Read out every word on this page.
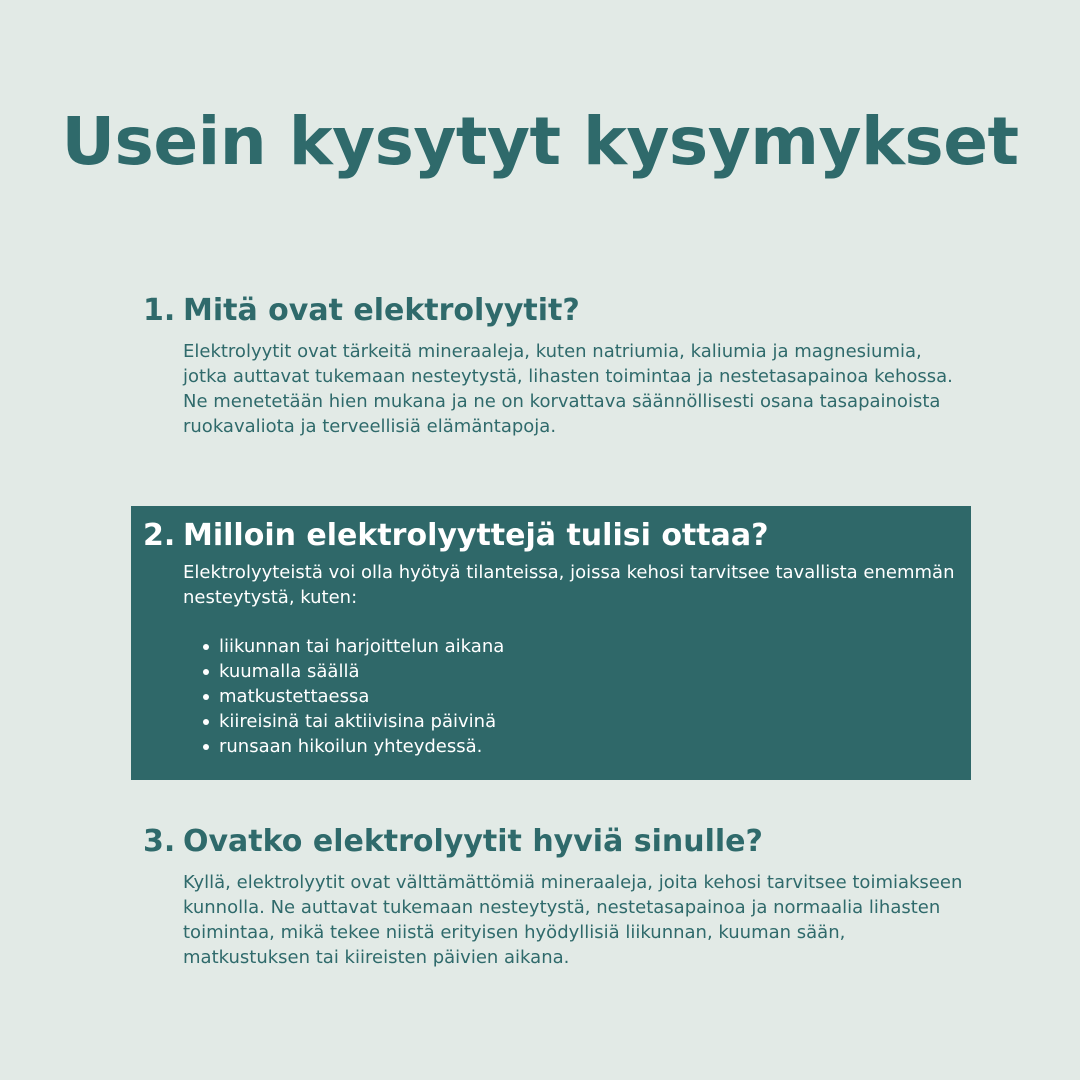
Usein kysytyt kysymykset
1. Mitä ovat elektrolyytit?

Elektrolyytit ovat tärkeitä mineraaleja, kuten natriumia, kaliumia ja magnesiumia, jotka auttavat tukemaan nesteytystä, lihasten toimintaa ja nestetasapainoa kehossa. Ne menetetään hien mukana ja ne on korvattava säännöllisesti osana tasapainoista ruokavaliota ja terveellisiä elämäntapoja.

2. Milloin elektrolyyttejä tulisi ottaa?

Elektrolyyteistä voi olla hyötyä tilanteissa, joissa kehosi tarvitsee tavallista enemmän nesteytystä, kuten:

liikunnan tai harjoittelun aikana
kuumalla säällä
matkustettaessa
kiireisinä tai aktiivisina päivinä
runsaan hikoilun yhteydessä.
3. Ovatko elektrolyytit hyviä sinulle?

Kyllä, elektrolyytit ovat välttämättömiä mineraaleja, joita kehosi tarvitsee toimiakseen kunnolla. Ne auttavat tukemaan nesteytystä, nestetasapainoa ja normaalia lihasten toimintaa, mikä tekee niistä erityisen hyödyllisiä liikunnan, kuuman sään, matkustuksen tai kiireisten päivien aikana.
